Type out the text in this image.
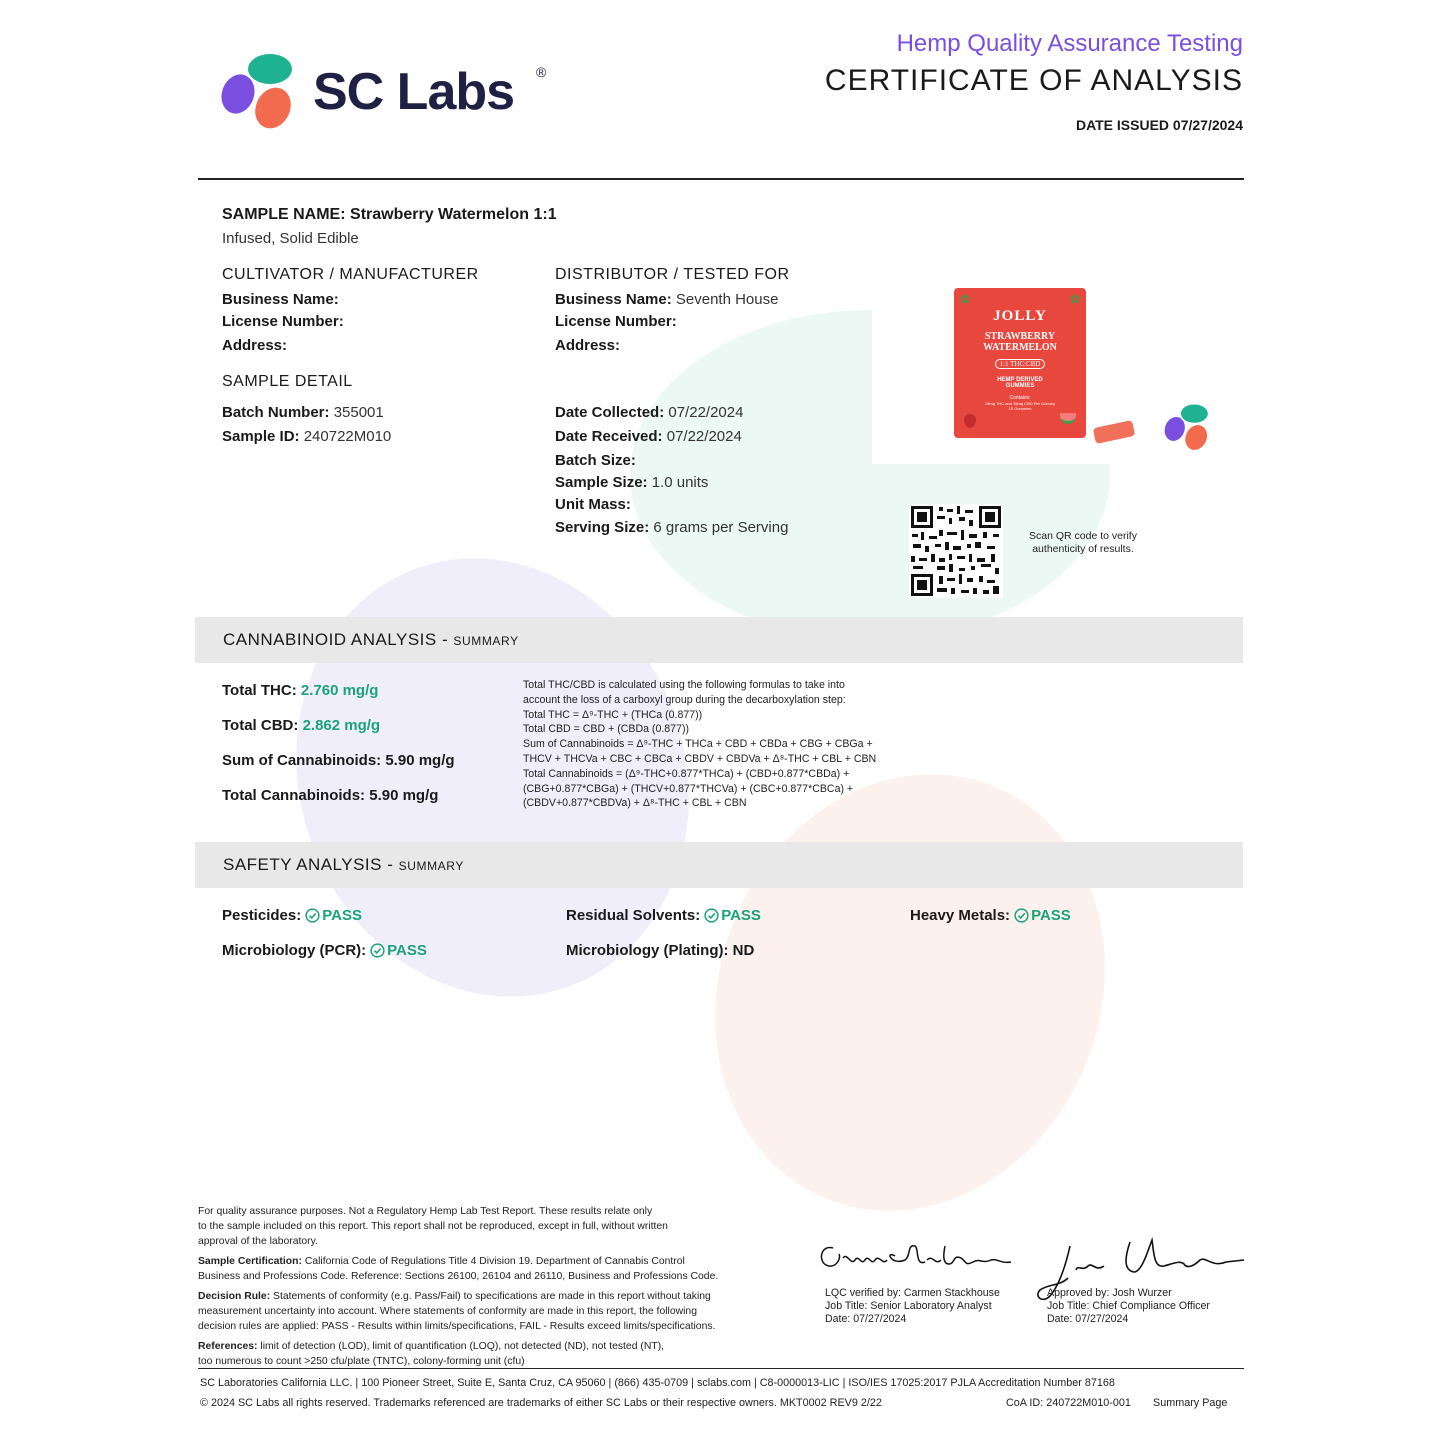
SC Labs ®
Hemp Quality Assurance Testing
CERTIFICATE OF ANALYSIS
DATE ISSUED 07/27/2024
SAMPLE NAME: Strawberry Watermelon 1:1
Infused, Solid Edible
CULTIVATOR / MANUFACTURER
Business Name:
License Number:
Address:
DISTRIBUTOR / TESTED FOR
Business Name: Seventh House
License Number:
Address:
SAMPLE DETAIL
Batch Number: 355001
Sample ID: 240722M010
Date Collected: 07/22/2024
Date Received: 07/22/2024
Batch Size:
Sample Size: 1.0 units
Unit Mass:
Serving Size: 6 grams per Serving
✿	✿
JOLLY
STRAWBERRY
WATERMELON
1:1 THC:CBD
HEMP DERIVED
GUMMIES
Contains:
15mg THC and 15mg CBD Per Gummy
15 Gummies
Scan QR code to verify
authenticity of results.
CANNABINOID ANALYSIS - SUMMARY
Total THC: 2.760 mg/g
Total CBD: 2.862 mg/g
Sum of Cannabinoids: 5.90 mg/g
Total Cannabinoids: 5.90 mg/g
Total THC/CBD is calculated using the following formulas to take into
account the loss of a carboxyl group during the decarboxylation step:
Total THC = Δ⁹-THC + (THCa (0.877))
Total CBD = CBD + (CBDa (0.877))
Sum of Cannabinoids = Δ⁹-THC + THCa + CBD + CBDa + CBG + CBGa +
THCV + THCVa + CBC + CBCa + CBDV + CBDVa + Δ⁸-THC + CBL + CBN
Total Cannabinoids = (Δ⁹-THC+0.877*THCa) + (CBD+0.877*CBDa) +
(CBG+0.877*CBGa) + (THCV+0.877*THCVa) + (CBC+0.877*CBCa) +
(CBDV+0.877*CBDVa) + Δ⁸-THC + CBL + CBN
SAFETY ANALYSIS - SUMMARY
Pesticides: PASS	Residual Solvents: PASS	Heavy Metals: PASS
Microbiology (PCR): PASS	Microbiology (Plating):
ND
For quality assurance purposes. Not a Regulatory Hemp Lab Test Report. These results relate only
to the sample included on this report. This report shall not be reproduced, except in full, without written
approval of the laboratory.
Sample Certification: California Code of Regulations Title 4 Division 19. Department of Cannabis Control
Business and Professions Code. Reference: Sections 26100, 26104 and 26110, Business and Professions Code.
Decision Rule: Statements of conformity (e.g. Pass/Fail) to specifications are made in this report without taking
measurement uncertainty into account. Where statements of conformity are made in this report, the following
decision rules are applied: PASS - Results within limits/specifications, FAIL - Results exceed limits/specifications.
References: limit of detection (LOD), limit of quantification (LOQ), not detected (ND), not tested (NT),
too numerous to count >250 cfu/plate (TNTC), colony-forming unit (cfu)
LQC verified by: Carmen Stackhouse
Job Title: Senior Laboratory Analyst
Date: 07/27/2024
Approved by: Josh Wurzer
Job Title: Chief Compliance Officer
Date: 07/27/2024
SC Laboratories California LLC. | 100 Pioneer Street, Suite E, Santa Cruz, CA 95060 | (866) 435-0709 | sclabs.com | C8-0000013-LIC | ISO/IES 17025:2017 PJLA Accreditation Number 87168
© 2024 SC Labs all rights reserved. Trademarks referenced are trademarks of either SC Labs or their respective owners. MKT0002 REV9 2/22	CoA ID: 240722M010-001 Summary Page
